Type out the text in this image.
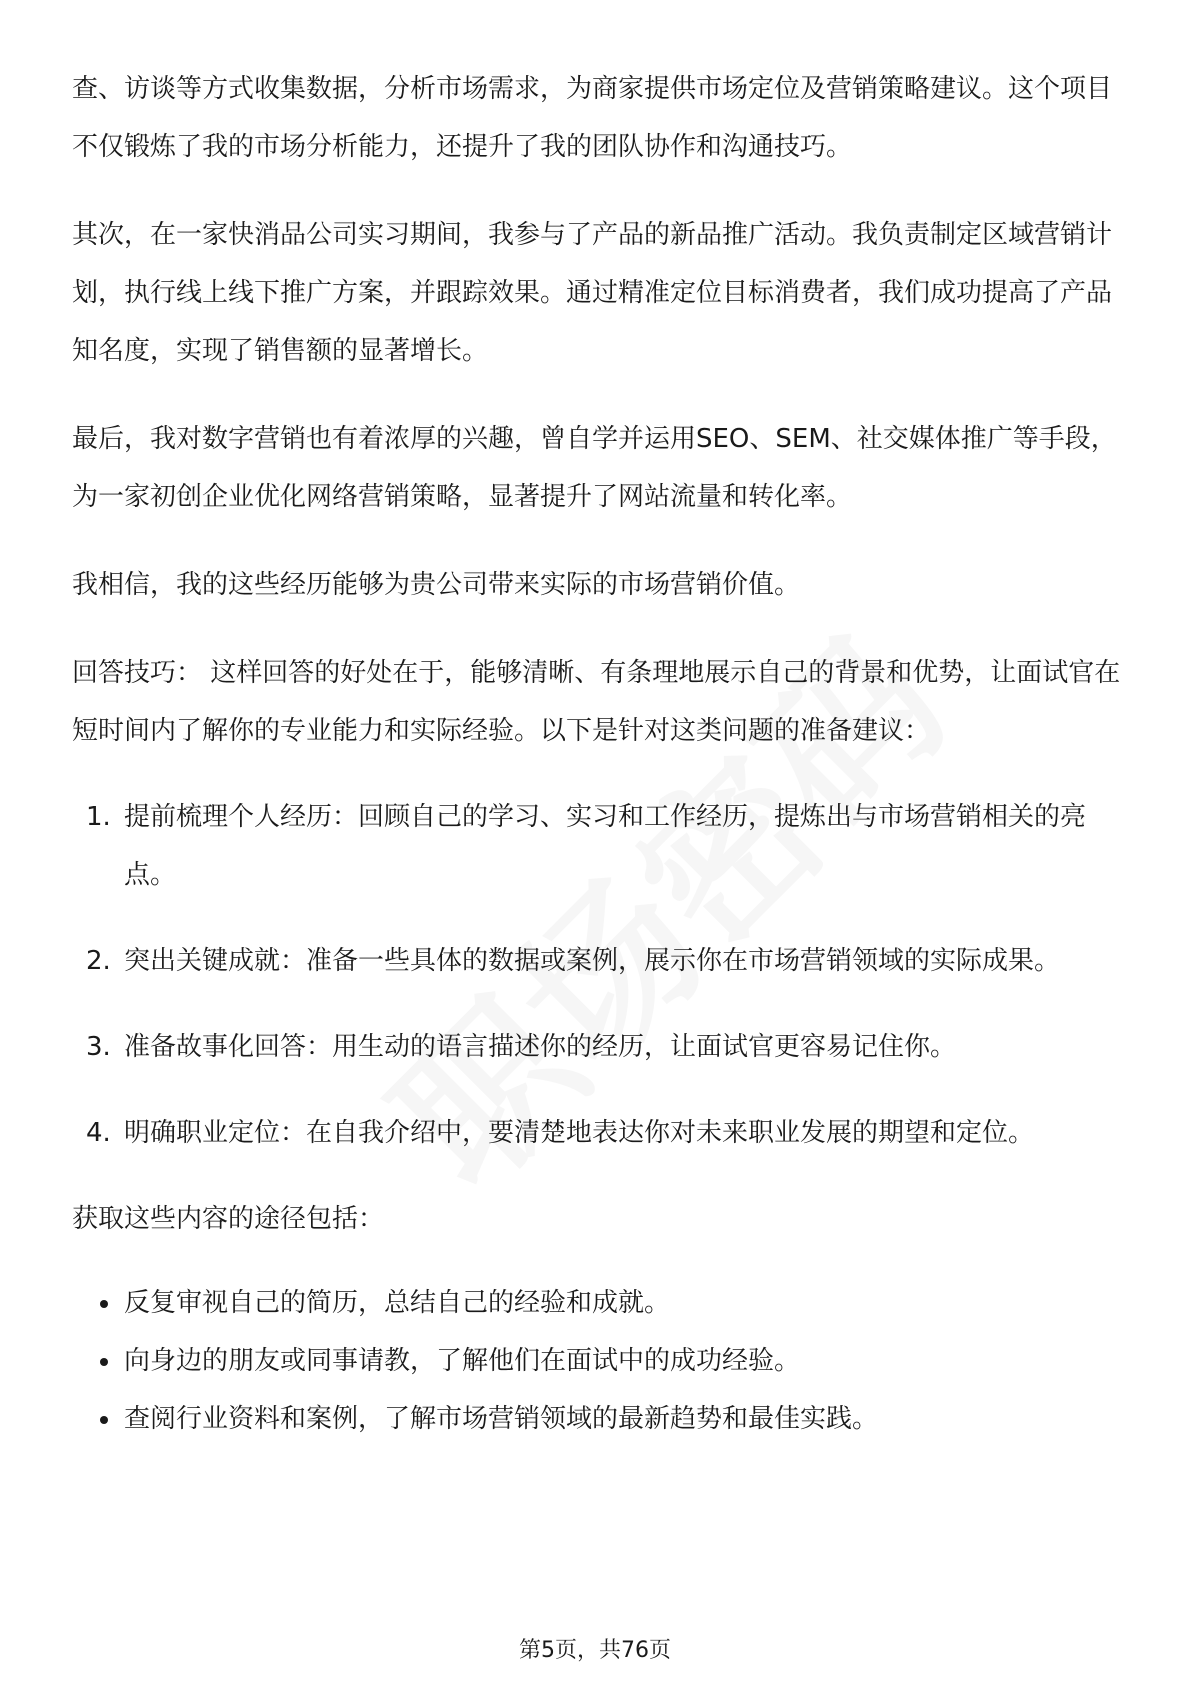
查、访谈等方式收集数据，分析市场需求，为商家提供市场定位及营销策略建议。这个项目不仅锻炼了我的市场分析能力，还提升了我的团队协作和沟通技巧。

其次，在一家快消品公司实习期间，我参与了产品的新品推广活动。我负责制定区域营销计划，执行线上线下推广方案，并跟踪效果。通过精准定位目标消费者，我们成功提高了产品知名度，实现了销售额的显著增长。

最后，我对数字营销也有着浓厚的兴趣，曾自学并运用SEO、SEM、社交媒体推广等手段，为一家初创企业优化网络营销策略，显著提升了网站流量和转化率。

我相信，我的这些经历能够为贵公司带来实际的市场营销价值。

回答技巧： 这样回答的好处在于，能够清晰、有条理地展示自己的背景和优势，让面试官在短时间内了解你的专业能力和实际经验。以下是针对这类问题的准备建议：

1. 提前梳理个人经历：回顾自己的学习、实习和工作经历，提炼出与市场营销相关的亮点。
2. 突出关键成就：准备一些具体的数据或案例，展示你在市场营销领域的实际成果。
3. 准备故事化回答：用生动的语言描述你的经历，让面试官更容易记住你。
4. 明确职业定位：在自我介绍中，要清楚地表达你对未来职业发展的期望和定位。

获取这些内容的途径包括：

反复审视自己的简历，总结自己的经验和成就。
向身边的朋友或同事请教，了解他们在面试中的成功经验。
查阅行业资料和案例，了解市场营销领域的最新趋势和最佳实践。
第5页，共76页
